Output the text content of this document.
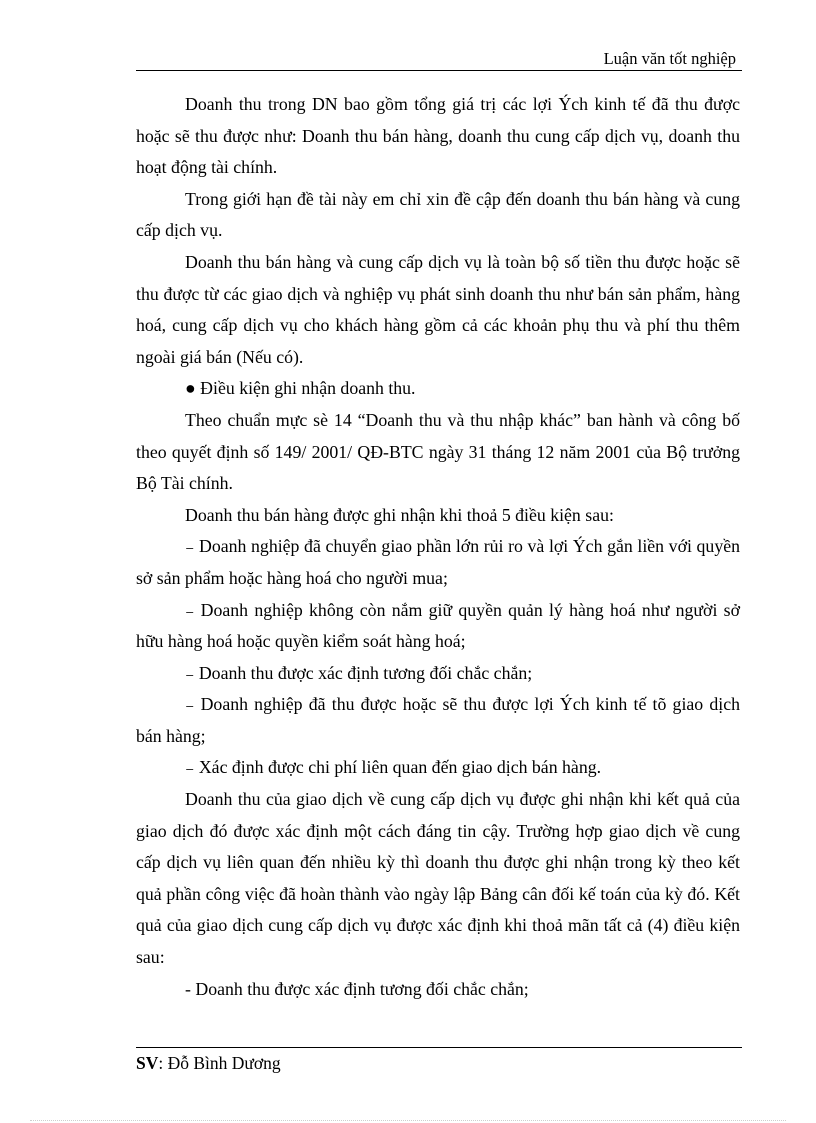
Luận văn tốt nghiệp

Doanh thu trong DN bao gồm tổng giá trị các lợi Ých kinh tế đã thu được hoặc sẽ thu được như: Doanh thu bán hàng, doanh thu cung cấp dịch vụ, doanh thu hoạt động tài chính.

Trong giới hạn đề tài này em chỉ xin đề cập đến doanh thu bán hàng và cung cấp dịch vụ.

Doanh thu bán hàng và cung cấp dịch vụ là toàn bộ số tiền thu được hoặc sẽ thu được từ các giao dịch và nghiệp vụ phát sinh doanh thu như bán sản phẩm, hàng hoá, cung cấp dịch vụ cho khách hàng gồm cả các khoản phụ thu và phí thu thêm ngoài giá bán (Nếu có).

● Điều kiện ghi nhận doanh thu.

Theo chuẩn mực sè 14 “Doanh thu và thu nhập khác” ban hành và công bố theo quyết định số 149/ 2001/ QĐ-BTC ngày 31 tháng 12 năm 2001 của Bộ trưởng Bộ Tài chính.

Doanh thu bán hàng được ghi nhận khi thoả 5 điều kiện sau:

₋ Doanh nghiệp đã chuyển giao phần lớn rủi ro và lợi Ých gắn liền với quyền sở sản phẩm hoặc hàng hoá cho người mua;

₋ Doanh nghiệp không còn nắm giữ quyền quản lý hàng hoá như người sở hữu hàng hoá hoặc quyền kiểm soát hàng hoá;

₋ Doanh thu được xác định tương đối chắc chắn;

₋ Doanh nghiệp đã thu được hoặc sẽ thu được lợi Ých kinh tế tõ giao dịch bán hàng;

₋ Xác định được chi phí liên quan đến giao dịch bán hàng.

Doanh thu của giao dịch về cung cấp dịch vụ được ghi nhận khi kết quả của giao dịch đó được xác định một cách đáng tin cậy. Trường hợp giao dịch về cung cấp dịch vụ liên quan đến nhiều kỳ thì doanh thu được ghi nhận trong kỳ theo kết quả phần công việc đã hoàn thành vào ngày lập Bảng cân đối kế toán của kỳ đó. Kết quả của giao dịch cung cấp dịch vụ được xác định khi thoả mãn tất cả (4) điều kiện sau:

- Doanh thu được xác định tương đối chắc chắn;

SV: Đỗ Bình Dương
